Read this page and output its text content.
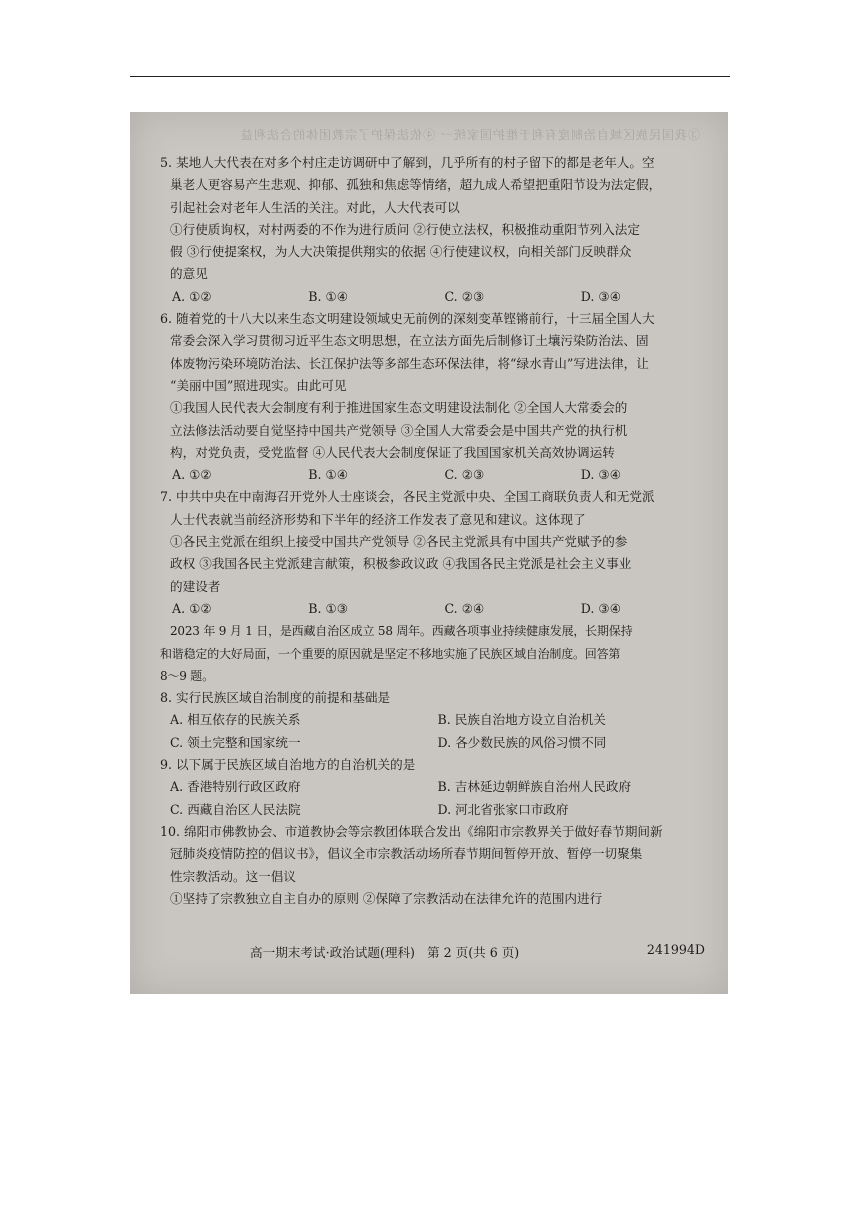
③我国民族区域自治制度有利于维护国家统一 ④依法保护了宗教团体的合法利益
5. 某地人大代表在对多个村庄走访调研中了解到，几乎所有的村子留下的都是老年人。空
巢老人更容易产生悲观、抑郁、孤独和焦虑等情绪，超九成人希望把重阳节设为法定假，
引起社会对老年人生活的关注。对此，人大代表可以
①行使质询权，对村两委的不作为进行质问 ②行使立法权，积极推动重阳节列入法定
假 ③行使提案权，为人大决策提供翔实的依据 ④行使建议权，向相关部门反映群众
的意见
A. ①②	B. ①④	C. ②③	D. ③④
6. 随着党的十八大以来生态文明建设领域史无前例的深刻变革铿锵前行，十三届全国人大
常委会深入学习贯彻习近平生态文明思想，在立法方面先后制修订土壤污染防治法、固
体废物污染环境防治法、长江保护法等多部生态环保法律，将“绿水青山”写进法律，让
“美丽中国”照进现实。由此可见
①我国人民代表大会制度有利于推进国家生态文明建设法制化 ②全国人大常委会的
立法修法活动要自觉坚持中国共产党领导 ③全国人大常委会是中国共产党的执行机
构，对党负责，受党监督 ④人民代表大会制度保证了我国国家机关高效协调运转
A. ①②	B. ①④	C. ②③	D. ③④
7. 中共中央在中南海召开党外人士座谈会，各民主党派中央、全国工商联负责人和无党派
人士代表就当前经济形势和下半年的经济工作发表了意见和建议。这体现了
①各民主党派在组织上接受中国共产党领导 ②各民主党派具有中国共产党赋予的参
政权 ③我国各民主党派建言献策，积极参政议政 ④我国各民主党派是社会主义事业
的建设者
A. ①②	B. ①③	C. ②④	D. ③④
2023 年 9 月 1 日，是西藏自治区成立 58 周年。西藏各项事业持续健康发展，长期保持
和谐稳定的大好局面，一个重要的原因就是坚定不移地实施了民族区域自治制度。回答第
8～9 题。
8. 实行民族区域自治制度的前提和基础是
A. 相互依存的民族关系	B. 民族自治地方设立自治机关
C. 领土完整和国家统一	D. 各少数民族的风俗习惯不同
9. 以下属于民族区域自治地方的自治机关的是
A. 香港特别行政区政府	B. 吉林延边朝鲜族自治州人民政府
C. 西藏自治区人民法院	D. 河北省张家口市政府
10. 绵阳市佛教协会、市道教协会等宗教团体联合发出《绵阳市宗教界关于做好春节期间新
冠肺炎疫情防控的倡议书》，倡议全市宗教活动场所春节期间暂停开放、暂停一切聚集
性宗教活动。这一倡议
①坚持了宗教独立自主自办的原则 ②保障了宗教活动在法律允许的范围内进行
高一期末考试·政治试题(理科) 第 2 页(共 6 页)	241994D
